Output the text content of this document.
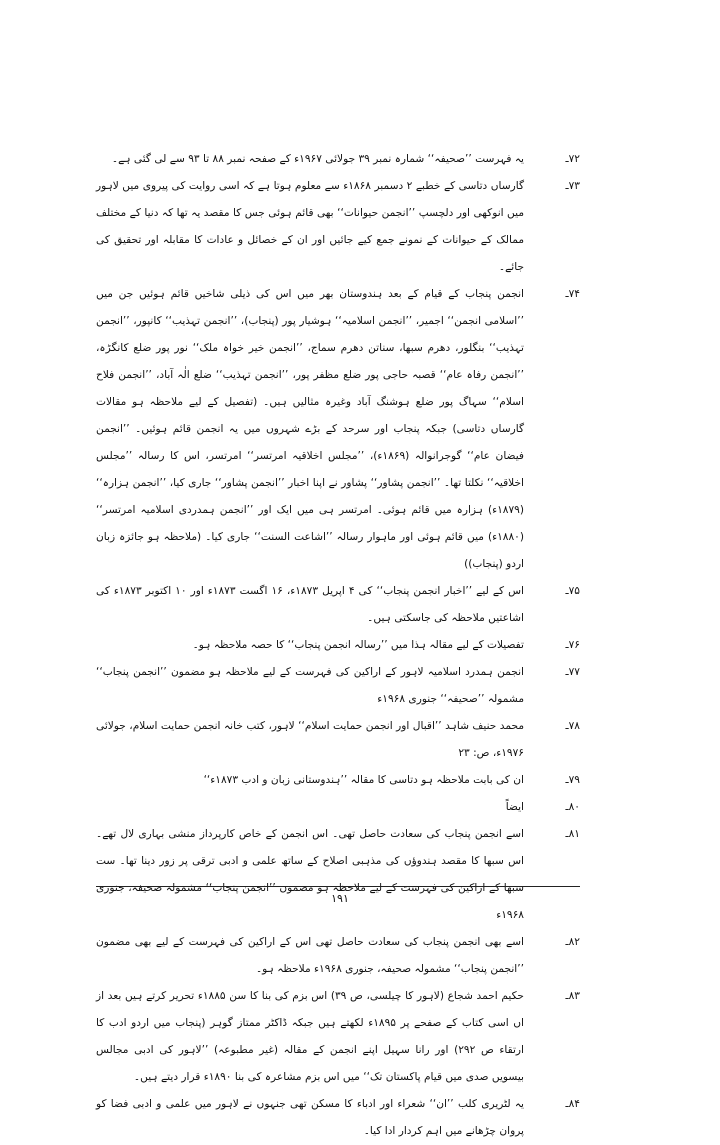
۷۲ـ
یہ فہرست ’’صحیفہ‘‘ شمارہ نمبر ۳۹ جولائی ۱۹۶۷ء کے صفحہ نمبر ۸۸ تا ۹۳ سے لی گئی ہے۔
۷۳ـ
گارساں دتاسی کے خطبے ۲ دسمبر ۱۸۶۸ء سے معلوم ہوتا ہے کہ اسی روایت کی پیروی میں لاہور میں انوکھی اور دلچسپ ’’انجمن حیوانات‘‘ بھی قائم ہوئی جس کا مقصد یہ تھا کہ دنیا کے مختلف ممالک کے حیوانات کے نمونے جمع کیے جائیں اور ان کے خصائل و عادات کا مقابلہ اور تحقیق کی جائے۔
۷۴ـ
انجمن پنجاب کے قیام کے بعد ہندوستان بھر میں اس کی ذیلی شاخیں قائم ہوئیں جن میں ’’اسلامی انجمن‘‘ اجمیر، ’’انجمن اسلامیہ‘‘ ہوشیار پور (پنجاب)، ’’انجمن تہذیب‘‘ کانپور، ’’انجمن تہذیب‘‘ بنگلور، دھرم سبھا، سناتن دھرم سماج، ’’انجمن خیر خواہ ملک‘‘ نور پور ضلع کانگڑہ، ’’انجمن رفاہ عام‘‘ قصبہ حاجی پور ضلع مظفر پور، ’’انجمن تہذیب‘‘ ضلع الٰہ آباد، ’’انجمن فلاح اسلام‘‘ سہاگ پور ضلع ہوشنگ آباد وغیرہ مثالیں ہیں۔ (تفصیل کے لیے ملاحظہ ہو مقالات گارساں دتاسی) جبکہ پنجاب اور سرحد کے بڑے شہروں میں یہ انجمن قائم ہوئیں۔ ’’انجمن فیضان عام‘‘ گوجرانوالہ (۱۸۶۹ء)، ’’مجلس اخلاقیہ امرتسر‘‘ امرتسر، اس کا رسالہ ’’مجلس اخلاقیہ‘‘ نکلتا تھا۔ ’’انجمن پشاور‘‘ پشاور نے اپنا اخبار ’’انجمن پشاور‘‘ جاری کیا، ’’انجمن ہزارہ‘‘ (۱۸۷۹ء) ہزارہ میں قائم ہوئی۔ امرتسر ہی میں ایک اور ’’انجمن ہمدردی اسلامیہ امرتسر‘‘ (۱۸۸۰ء) میں قائم ہوئی اور ماہوار رسالہ ’’اشاعت السنت‘‘ جاری کیا۔ (ملاحظہ ہو جائزہ زبان اردو (پنجاب))
۷۵ـ
اس کے لیے ’’اخبار انجمن پنجاب‘‘ کی ۴ اپریل ۱۸۷۳ء، ۱۶ اگست ۱۸۷۳ء اور ۱۰ اکتوبر ۱۸۷۳ء کی اشاعتیں ملاحظہ کی جاسکتی ہیں۔
۷۶ـ
تفصیلات کے لیے مقالہ ہذا میں ’’رسالہ انجمن پنجاب‘‘ کا حصہ ملاحظہ ہو۔
۷۷ـ
انجمن ہمدرد اسلامیہ لاہور کے اراکین کی فہرست کے لیے ملاحظہ ہو مضمون ’’انجمن پنجاب‘‘ مشمولہ ’’صحیفہ‘‘ جنوری ۱۹۶۸ء
۷۸ـ
محمد حنیف شاہد ’’اقبال اور انجمن حمایت اسلام‘‘ لاہور، کتب خانہ انجمن حمایت اسلام، جولائی ۱۹۷۶ء، ص: ۲۳
۷۹ـ
ان کی بابت ملاحظہ ہو دتاسی کا مقالہ ’’ہندوستانی زبان و ادب ۱۸۷۳ء‘‘
۸۰ـ
ایضاً
۸۱ـ
اسے انجمن پنجاب کی سعادت حاصل تھی۔ اس انجمن کے خاص کارپرداز منشی بہاری لال تھے۔ اس سبھا کا مقصد ہندوؤں کی مذہبی اصلاح کے ساتھ علمی و ادبی ترقی پر زور دینا تھا۔ ست سبھا کے اراکین کی فہرست کے لیے ملاحظہ ہو مضمون ’’انجمن پنجاب‘‘ مشمولہ صحیفہ، جنوری ۱۹۶۸ء
۸۲ـ
اسے بھی انجمن پنجاب کی سعادت حاصل تھی اس کے اراکین کی فہرست کے لیے بھی مضمون ’’انجمن پنجاب‘‘ مشمولہ صحیفہ، جنوری ۱۹۶۸ء ملاحظہ ہو۔
۸۳ـ
حکیم احمد شجاع (لاہور کا چیلسی، ص ۳۹) اس بزم کی بنا کا سن ۱۸۸۵ء تحریر کرتے ہیں بعد از اں اسی کتاب کے صفحے پر ۱۸۹۵ء لکھتے ہیں جبکہ ڈاکٹر ممتاز گوہر (پنجاب میں اردو ادب کا ارتقاء ص ۲۹۲) اور رانا سہیل اپنے انجمن کے مقالہ (غیر مطبوعہ) ’’لاہور کی ادبی مجالس بیسویں صدی میں قیام پاکستان تک‘‘ میں اس بزم مشاعرہ کی بنا ۱۸۹۰ء قرار دیتے ہیں۔
۸۴ـ
یہ لٹریری کلب ’’ان‘‘ شعراء اور ادباء کا مسکن تھی جنہوں نے لاہور میں علمی و ادبی فضا کو پروان چڑھانے میں اہم کردار ادا کیا۔
۱۹۱
